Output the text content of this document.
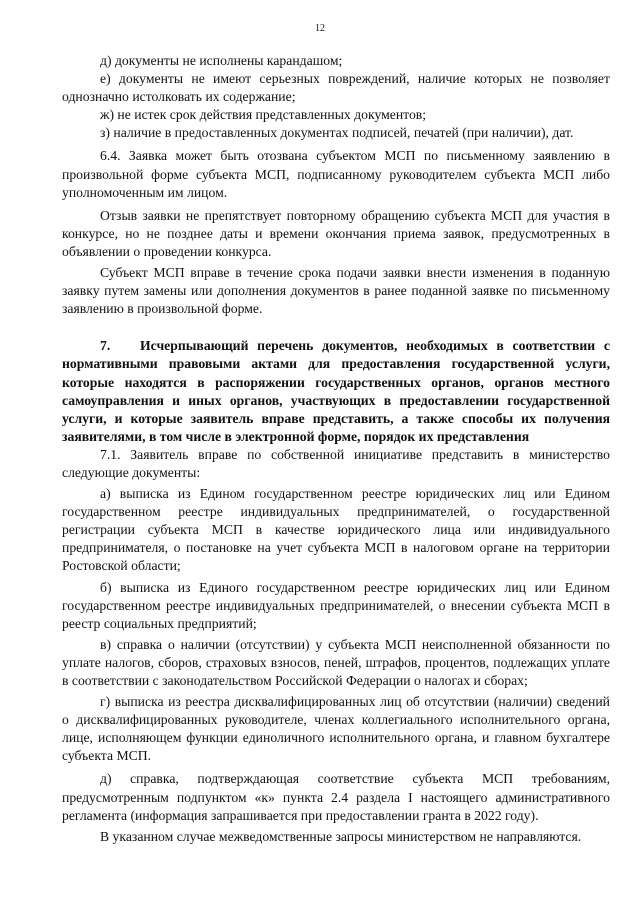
12

д) документы не исполнены карандашом;

е) документы не имеют серьезных повреждений, наличие которых не позволяет однозначно истолковать их содержание;

ж) не истек срок действия представленных документов;

з) наличие в предоставленных документах подписей, печатей (при наличии), дат.

6.4. Заявка может быть отозвана субъектом МСП по письменному заявлению в произвольной форме субъекта МСП, подписанному руководителем субъекта МСП либо уполномоченным им лицом.

Отзыв заявки не препятствует повторному обращению субъекта МСП для участия в конкурсе, но не позднее даты и времени окончания приема заявок, предусмотренных в объявлении о проведении конкурса.

Субъект МСП вправе в течение срока подачи заявки внести изменения в поданную заявку путем замены или дополнения документов в ранее поданной заявке по письменному заявлению в произвольной форме.

7. Исчерпывающий перечень документов, необходимых в соответствии с нормативными правовыми актами для предоставления государственной услуги, которые находятся в распоряжении государственных органов, органов местного самоуправления и иных органов, участвующих в предоставлении государственной услуги, и которые заявитель вправе представить, а также способы их получения заявителями, в том числе в электронной форме, порядок их представления

7.1. Заявитель вправе по собственной инициативе представить в министерство следующие документы:

а) выписка из Едином государственном реестре юридических лиц или Едином государственном реестре индивидуальных предпринимателей, о государственной регистрации субъекта МСП в качестве юридического лица или индивидуального предпринимателя, о постановке на учет субъекта МСП в налоговом органе на территории Ростовской области;

б) выписка из Единого государственном реестре юридических лиц или Едином государственном реестре индивидуальных предпринимателей, о внесении субъекта МСП в реестр социальных предприятий;

в) справка о наличии (отсутствии) у субъекта МСП неисполненной обязанности по уплате налогов, сборов, страховых взносов, пеней, штрафов, процентов, подлежащих уплате в соответствии с законодательством Российской Федерации о налогах и сборах;

г) выписка из реестра дисквалифицированных лиц об отсутствии (наличии) сведений о дисквалифицированных руководителе, членах коллегиального исполнительного органа, лице, исполняющем функции единоличного исполнительного органа, и главном бухгалтере субъекта МСП.

д) справка, подтверждающая соответствие субъекта МСП требованиям, предусмотренным подпунктом «к» пункта 2.4 раздела I настоящего административного регламента (информация запрашивается при предоставлении гранта в 2022 году).

В указанном случае межведомственные запросы министерством не направляются.
